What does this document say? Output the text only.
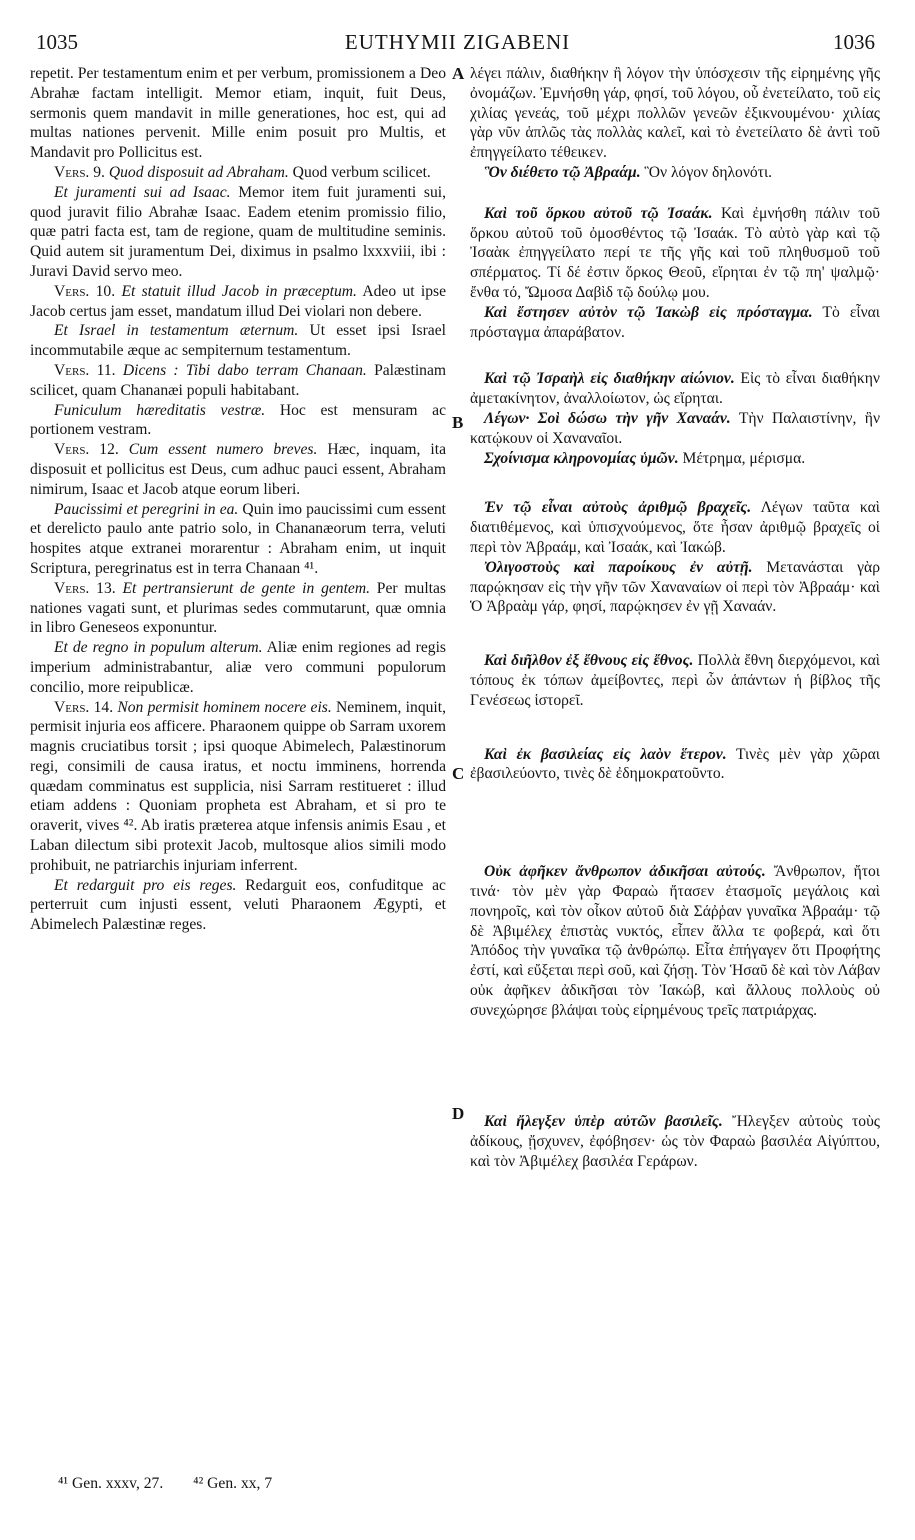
1035	EUTHYMII ZIGABENI	1036
A
B
C
D

repetit. Per testamentum enim et per verbum, promissionem a Deo Abrahæ factam intelligit. Memor etiam, inquit, fuit Deus, sermonis quem mandavit in mille generationes, hoc est, qui ad multas nationes pervenit. Mille enim posuit pro Multis, et Mandavit pro Pollicitus est.

Vers. 9. Quod disposuit ad Abraham. Quod verbum scilicet.

Et juramenti sui ad Isaac. Memor item fuit juramenti sui, quod juravit filio Abrahæ Isaac. Eadem etenim promissio filio, quæ patri facta est, tam de regione, quam de multitudine seminis. Quid autem sit juramentum Dei, diximus in psalmo lxxxviii, ibi : Juravi David servo meo.

Vers. 10. Et statuit illud Jacob in præceptum. Adeo ut ipse Jacob certus jam esset, mandatum illud Dei violari non debere.

Et Israel in testamentum æternum. Ut esset ipsi Israel incommutabile æque ac sempiternum testamentum.

Vers. 11. Dicens : Tibi dabo terram Chanaan. Palæstinam scilicet, quam Chananæi populi habitabant.

Funiculum hæreditatis vestræ. Hoc est mensuram ac portionem vestram.

Vers. 12. Cum essent numero breves. Hæc, inquam, ita disposuit et pollicitus est Deus, cum adhuc pauci essent, Abraham nimirum, Isaac et Jacob atque eorum liberi.

Paucissimi et peregrini in ea. Quin imo paucissimi cum essent et derelicto paulo ante patrio solo, in Chananæorum terra, veluti hospites atque extranei morarentur : Abraham enim, ut inquit Scriptura, peregrinatus est in terra Chanaan ⁴¹.

Vers. 13. Et pertransierunt de gente in gentem. Per multas nationes vagati sunt, et plurimas sedes commutarunt, quæ omnia in libro Geneseos exponuntur.

Et de regno in populum alterum. Aliæ enim regiones ad regis imperium administrabantur, aliæ vero communi populorum concilio, more reipublicæ.

Vers. 14. Non permisit hominem nocere eis. Neminem, inquit, permisit injuria eos afficere. Pharaonem quippe ob Sarram uxorem magnis cruciatibus torsit ; ipsi quoque Abimelech, Palæstinorum regi, consimili de causa iratus, et noctu imminens, horrenda quædam comminatus est supplicia, nisi Sarram restitueret : illud etiam addens : Quoniam propheta est Abraham, et si pro te oraverit, vives ⁴². Ab iratis præterea atque infensis animis Esau , et Laban dilectum sibi protexit Jacob, multosque alios simili modo prohibuit, ne patriarchis injuriam inferrent.

Et redarguit pro eis reges. Redarguit eos, confuditque ac perterruit cum injusti essent, veluti Pharaonem Ægypti, et Abimelech Palæstinæ reges.

λέγει πάλιν, διαθήκην ἢ λόγον τὴν ὑπόσχεσιν τῆς εἰρημένης γῆς ὀνομάζων. Ἐμνήσθη γάρ, φησί, τοῦ λόγου, οὗ ἐνετείλατο, τοῦ εἰς χιλίας γενεάς, τοῦ μέχρι πολλῶν γενεῶν ἐξικνουμένου· χιλίας γὰρ νῦν ἁπλῶς τὰς πολλὰς καλεῖ, καὶ τὸ ἐνετείλατο δὲ ἀντὶ τοῦ ἐπηγγείλατο τέθεικεν.

Ὃν διέθετο τῷ Ἀβραάμ. Ὃν λόγον δηλονότι.

Καὶ τοῦ ὅρκου αὐτοῦ τῷ Ἰσαάκ. Καὶ ἐμνήσθη πάλιν τοῦ ὅρκου αὐτοῦ τοῦ ὀμοσθέντος τῷ Ἰσαάκ. Τὸ αὐτὸ γὰρ καὶ τῷ Ἰσαὰκ ἐπηγγείλατο περί τε τῆς γῆς καὶ τοῦ πληθυσμοῦ τοῦ σπέρματος. Τί δέ ἐστιν ὅρκος Θεοῦ, εἴρηται ἐν τῷ πη' ψαλμῷ· ἔνθα τό, Ὤμοσα Δαβὶδ τῷ δούλῳ μου.

Καὶ ἔστησεν αὐτὸν τῷ Ἰακὼβ εἰς πρόσταγμα. Τὸ εἶναι πρόσταγμα ἀπαράβατον.

Καὶ τῷ Ἰσραὴλ εἰς διαθήκην αἰώνιον. Εἰς τὸ εἶναι διαθήκην ἀμετακίνητον, ἀναλλοίωτον, ὡς εἴρηται.

Λέγων· Σοὶ δώσω τὴν γῆν Χαναάν. Τὴν Παλαιστίνην, ἣν κατῴκουν οἱ Χαναναῖοι.

Σχοίνισμα κληρονομίας ὑμῶν. Μέτρημα, μέρισμα.

Ἐν τῷ εἶναι αὐτοὺς ἀριθμῷ βραχεῖς. Λέγων ταῦτα καὶ διατιθέμενος, καὶ ὑπισχνούμενος, ὅτε ἦσαν ἀριθμῷ βραχεῖς οἱ περὶ τὸν Ἀβραάμ, καὶ Ἰσαάκ, καὶ Ἰακώβ.

Ὀλιγοστοὺς καὶ παροίκους ἐν αὐτῇ. Μετανάσται γὰρ παρῴκησαν εἰς τὴν γῆν τῶν Χαναναίων οἱ περὶ τὸν Ἀβραάμ· καὶ Ὁ Ἀβραὰμ γάρ, φησί, παρῴκησεν ἐν γῇ Χαναάν.

Καὶ διῆλθον ἐξ ἔθνους εἰς ἔθνος. Πολλὰ ἔθνη διερχόμενοι, καὶ τόπους ἐκ τόπων ἀμείβοντες, περὶ ὧν ἁπάντων ἡ βίβλος τῆς Γενέσεως ἱστορεῖ.

Καὶ ἐκ βασιλείας εἰς λαὸν ἕτερον. Τινὲς μὲν γὰρ χῶραι ἐβασιλεύοντο, τινὲς δὲ ἐδημοκρατοῦντο.

Οὐκ ἀφῆκεν ἄνθρωπον ἀδικῆσαι αὐτούς. Ἄνθρωπον, ἤτοι τινά· τὸν μὲν γὰρ Φαραὼ ἤτασεν ἐτασμοῖς μεγάλοις καὶ πονηροῖς, καὶ τὸν οἶκον αὐτοῦ διὰ Σάῤῥαν γυναῖκα Ἀβραάμ· τῷ δὲ Ἀβιμέλεχ ἐπιστὰς νυκτός, εἶπεν ἄλλα τε φοβερά, καὶ ὅτι Ἀπόδος τὴν γυναῖκα τῷ ἀνθρώπῳ. Εἶτα ἐπήγαγεν ὅτι Προφήτης ἐστί, καὶ εὔξεται περὶ σοῦ, καὶ ζήσῃ. Τὸν Ἡσαῦ δὲ καὶ τὸν Λάβαν οὐκ ἀφῆκεν ἀδικῆσαι τὸν Ἰακώβ, καὶ ἄλλους πολλοὺς οὐ συνεχώρησε βλάψαι τοὺς εἰρημένους τρεῖς πατριάρχας.

Καὶ ἤλεγξεν ὑπὲρ αὐτῶν βασιλεῖς. Ἤλεγξεν αὐτοὺς τοὺς ἀδίκους, ᾔσχυνεν, ἐφόβησεν· ὡς τὸν Φαραὼ βασιλέα Αἰγύπτου, καὶ τὸν Ἀβιμέλεχ βασιλέα Γεράρων.

⁴¹ Gen. xxxv, 27. ⁴² Gen. xx, 7
